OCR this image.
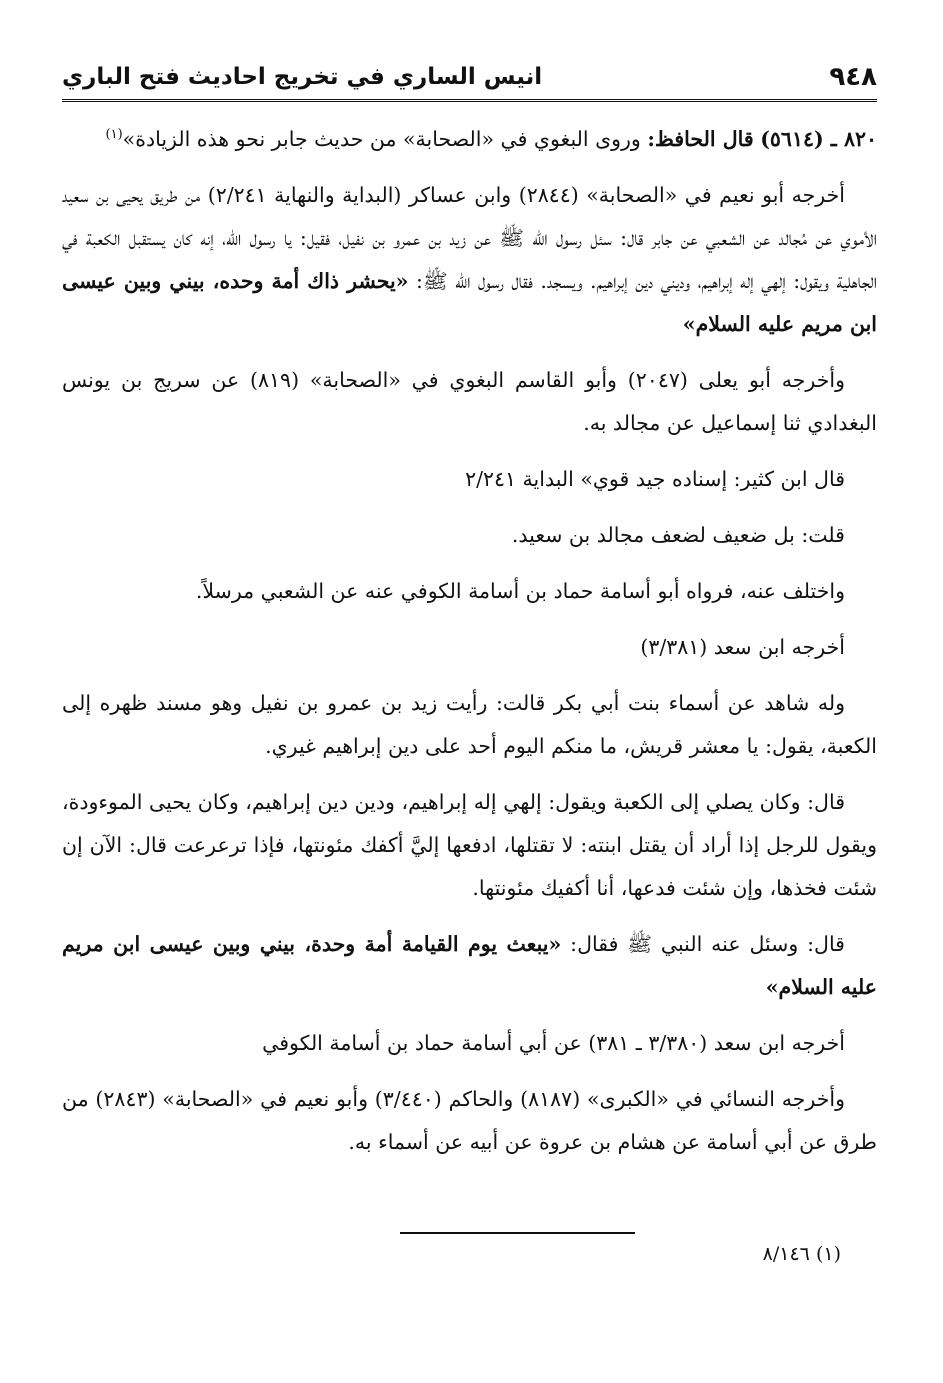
٩٤٨
انيس الساري في تخريج احاديث فتح الباري

٨٢٠ ـ (٥٦١٤) قال الحافظ: وروى البغوي في «الصحابة» من حديث جابر نحو هذه الزيادة»$^{(١)}$

أخرجه أبو نعيم في «الصحابة» (٢٨٤٤) وابن عساكر (البداية والنهاية ٢/٢٤١) من طريق يحيى بن سعيد الأموي عن مُجالد عن الشعبي عن جابر قال: سئل رسول الله ﷺ عن زيد بن عمرو بن نفيل، فقيل: يا رسول الله، إنه كان يستقبل الكعبة في الجاهلية ويقول: إلهي إله إبراهيم، وديني دين إبراهيم. ويسجد. فقال رسول الله ﷺ: «يحشر ذاك أمة وحده، بيني وبين عيسى ابن مريم عليه السلام»

وأخرجه أبو يعلى (٢٠٤٧) وأبو القاسم البغوي في «الصحابة» (٨١٩) عن سريج بن يونس البغدادي ثنا إسماعيل عن مجالد به.

قال ابن كثير: إسناده جيد قوي» البداية ٢/٢٤١

قلت: بل ضعيف لضعف مجالد بن سعيد.

واختلف عنه، فرواه أبو أسامة حماد بن أسامة الكوفي عنه عن الشعبي مرسلاً.

أخرجه ابن سعد (٣/٣٨١)

وله شاهد عن أسماء بنت أبي بكر قالت: رأيت زيد بن عمرو بن نفيل وهو مسند ظهره إلى الكعبة، يقول: يا معشر قريش، ما منكم اليوم أحد على دين إبراهيم غيري.

قال: وكان يصلي إلى الكعبة ويقول: إلهي إله إبراهيم، ودين دين إبراهيم، وكان يحيى الموءودة، ويقول للرجل إذا أراد أن يقتل ابنته: لا تقتلها، ادفعها إليَّ أكفك مئونتها، فإذا ترعرعت قال: الآن إن شئت فخذها، وإن شئت فدعها، أنا أكفيك مئونتها.

قال: وسئل عنه النبي ﷺ فقال: «يبعث يوم القيامة أمة وحدة، بيني وبين عيسى ابن مريم عليه السلام»

أخرجه ابن سعد (٣/٣٨٠ ـ ٣٨١) عن أبي أسامة حماد بن أسامة الكوفي

وأخرجه النسائي في «الكبرى» (٨١٨٧) والحاكم (٣/٤٤٠) وأبو نعيم في «الصحابة» (٢٨٤٣) من طرق عن أبي أسامة عن هشام بن عروة عن أبيه عن أسماء به.

(١) ٨/١٤٦
